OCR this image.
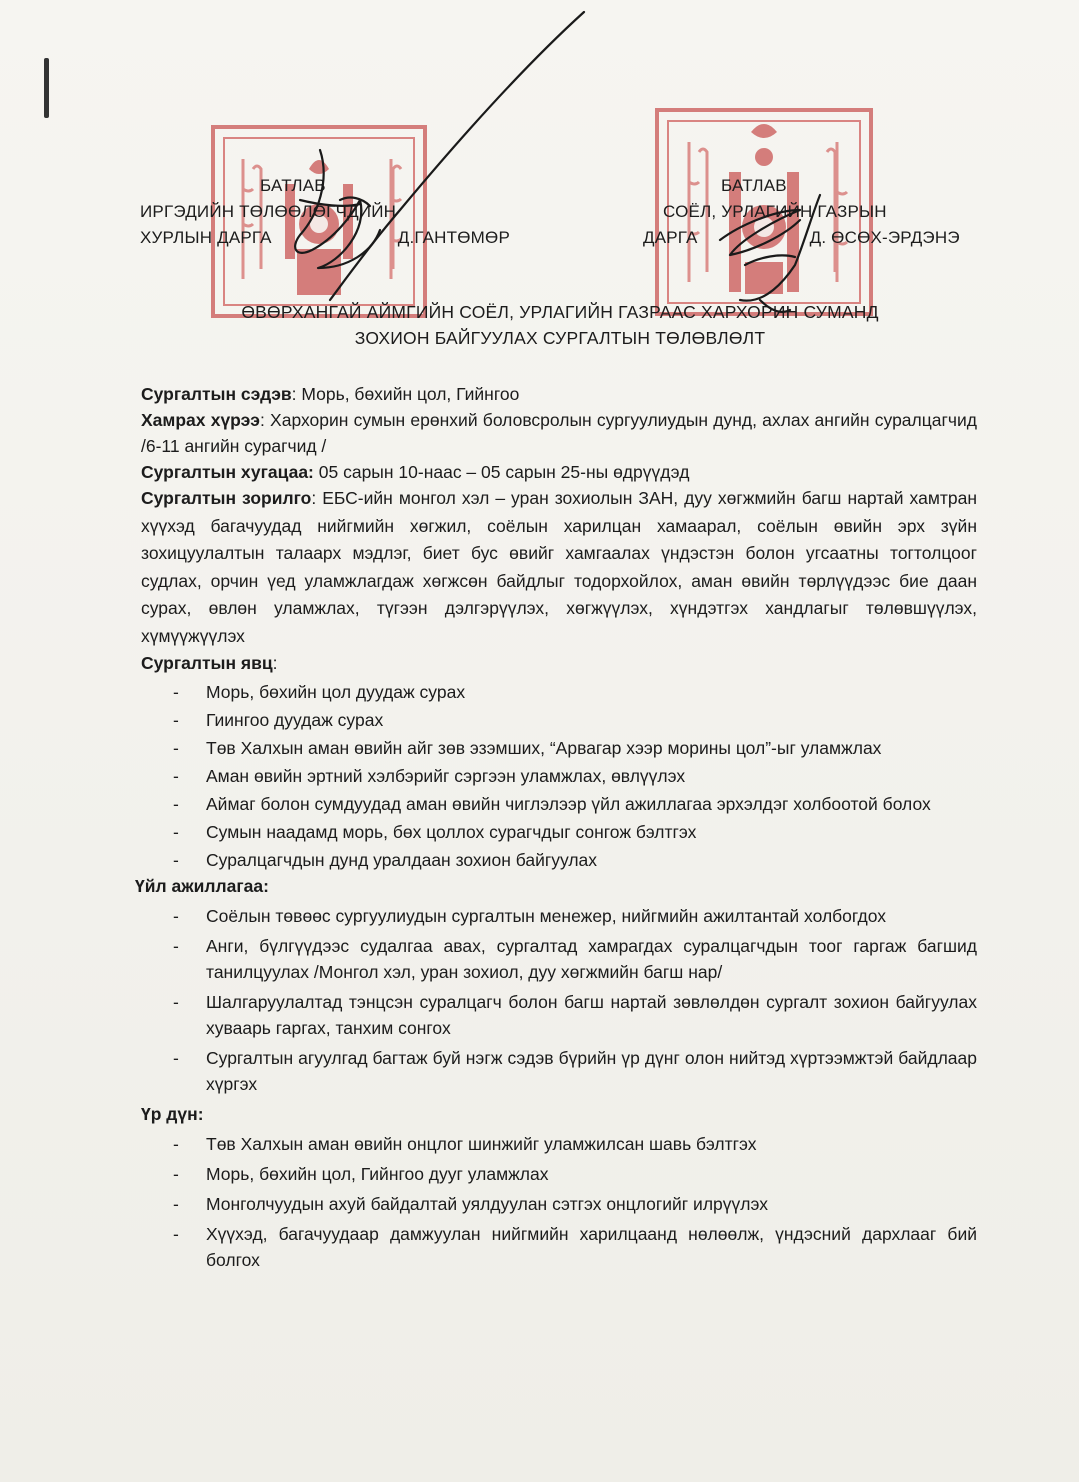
БАТЛАВ
ИРГЭДИЙН ТӨЛӨӨЛӨГЧДИЙН
ХУРЛЫН ДАРГА	Д.ГАНТӨМӨР
БАТЛАВ
СОЁЛ, УРЛАГИЙН ГАЗРЫН
ДАРГА	Д. ӨСӨХ-ЭРДЭНЭ
ӨВӨРХАНГАЙ АЙМГИЙН СОЁЛ, УРЛАГИЙН ГАЗРААС ХАРХОРИН СУМАНД
ЗОХИОН БАЙГУУЛАХ СУРГАЛТЫН ТӨЛӨВЛӨЛТ

Сургалтын сэдэв: Морь, бөхийн цол, Гийнгоо

Хамрах хүрээ: Хархорин сумын ерөнхий боловсролын сургуулиудын дунд, ахлах ангийн суралцагчид /6-11 ангийн сурагчид /

Сургалтын хугацаа: 05 сарын 10-наас – 05 сарын 25-ны өдрүүдэд

Сургалтын зорилго: ЕБС-ийн монгол хэл – уран зохиолын ЗАН, дуу хөгжмийн багш нартай хамтран хүүхэд багачуудад нийгмийн хөгжил, соёлын харилцан хамаарал, соёлын өвийн эрх зүйн зохицуулалтын талаарх мэдлэг, биет бус өвийг хамгаалах үндэстэн болон угсаатны тогтолцоог судлах, орчин үед уламжлагдаж хөгжсөн байдлыг тодорхойлох, аман өвийн төрлүүдээс бие даан сурах, өвлөн уламжлах, түгээн дэлгэрүүлэх, хөгжүүлэх, хүндэтгэх хандлагыг төлөвшүүлэх, хүмүүжүүлэх

Сургалтын явц:

- Морь, бөхийн цол дуудаж сурах
- Гиингоо дуудаж сурах
- Төв Халхын аман өвийн айг зөв эзэмших, “Арвагар хээр морины цол”-ыг уламжлах
- Аман өвийн эртний хэлбэрийг сэргээн уламжлах, өвлүүлэх
- Аймаг болон сумдуудад аман өвийн чиглэлээр үйл ажиллагаа эрхэлдэг холбоотой болох
- Сумын наадамд морь, бөх цоллох сурагчдыг сонгож бэлтгэх
- Суралцагчдын дунд уралдаан зохион байгуулах

Үйл ажиллагаа:

- Соёлын төвөөс сургуулиудын сургалтын менежер, нийгмийн ажилтантай холбогдох
- Анги, бүлгүүдээс судалгаа авах, сургалтад хамрагдах суралцагчдын тоог гаргаж багшид танилцуулах /Монгол хэл, уран зохиол, дуу хөгжмийн багш нар/
- Шалгаруулалтад тэнцсэн суралцагч болон багш нартай зөвлөлдөн сургалт зохион байгуулах хуваарь гаргах, танхим сонгох
- Сургалтын агуулгад багтаж буй нэгж сэдэв бүрийн үр дүнг олон нийтэд хүртээмжтэй байдлаар хүргэх

Үр дүн:

- Төв Халхын аман өвийн онцлог шинжийг уламжилсан шавь бэлтгэх
- Морь, бөхийн цол, Гийнгоо дууг уламжлах
- Монголчуудын ахуй байдалтай уялдуулан сэтгэх онцлогийг илрүүлэх
- Хүүхэд, багачуудаар дамжуулан нийгмийн харилцаанд нөлөөлж, үндэсний дархлааг бий болгох
